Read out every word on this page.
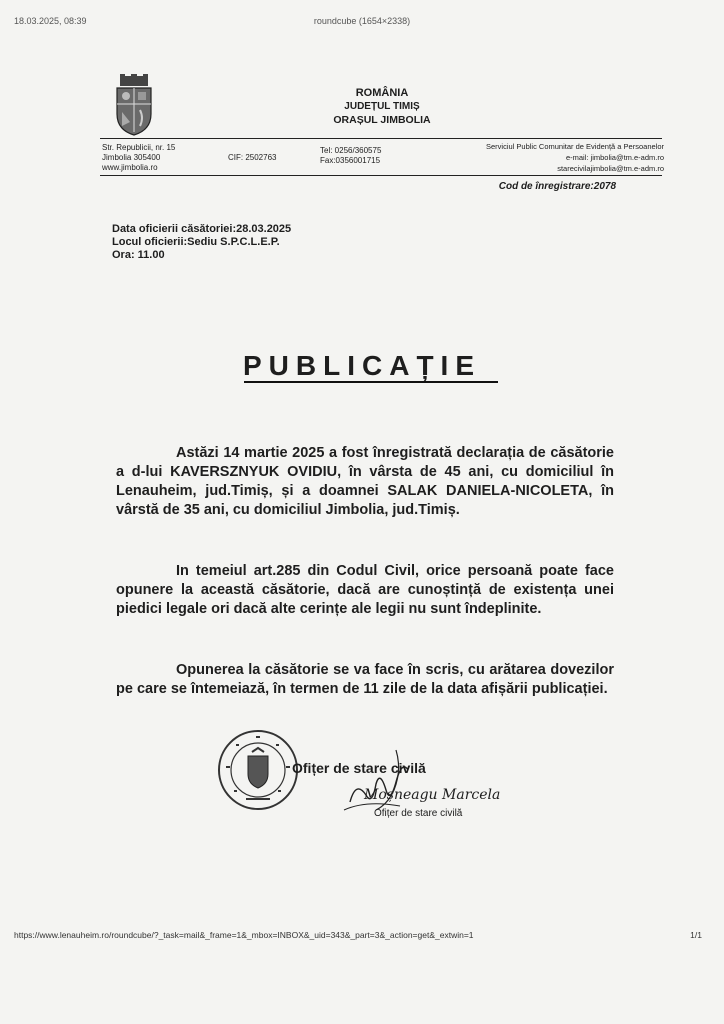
18.03.2025, 08:39	roundcube (1654×2338)
ROMÂNIA
JUDEȚUL TIMIȘ
ORAȘUL JIMBOLIA
Str. Republicii, nr. 15
Jimbolia 305400
www.jimbolia.ro
CIF: 2502763
Tel: 0256/360575
Fax:0356001715
Serviciul Public Comunitar de Evidență a Persoanelor
e-mail: jimbolia@tm.e-adm.ro
starecivilajimbolia@tm.e-adm.ro
Cod de înregistrare:2078
Data oficierii căsătoriei:28.03.2025
Locul oficierii:Sediu S.P.C.L.E.P.
Ora: 11.00
PUBLICAȚIE
Astăzi 14 martie 2025 a fost înregistrată declarația de căsătorie a d-lui KAVERSZNYUK OVIDIU, în vârsta de 45 ani, cu domiciliul în Lenauheim, jud.Timiș, și a doamnei SALAK DANIELA-NICOLETA, în vârstă de 35 ani, cu domiciliul Jimbolia, jud.Timiș.
In temeiul art.285 din Codul Civil, orice persoană poate face opunere la această căsătorie, dacă are cunoștință de existența unei piedici legale ori dacă alte cerințe ale legii nu sunt îndeplinite.
Opunerea la căsătorie se va face în scris, cu arătarea dovezilor pe care se întemeiază, în termen de 11 zile de la data afișării publicației.
Ofițer de stare civilă
Moșneagu Marcela
Ofițer de stare civilă
https://www.lenauheim.ro/roundcube/?_task=mail&_frame=1&_mbox=INBOX&_uid=343&_part=3&_action=get&_extwin=1	1/1
